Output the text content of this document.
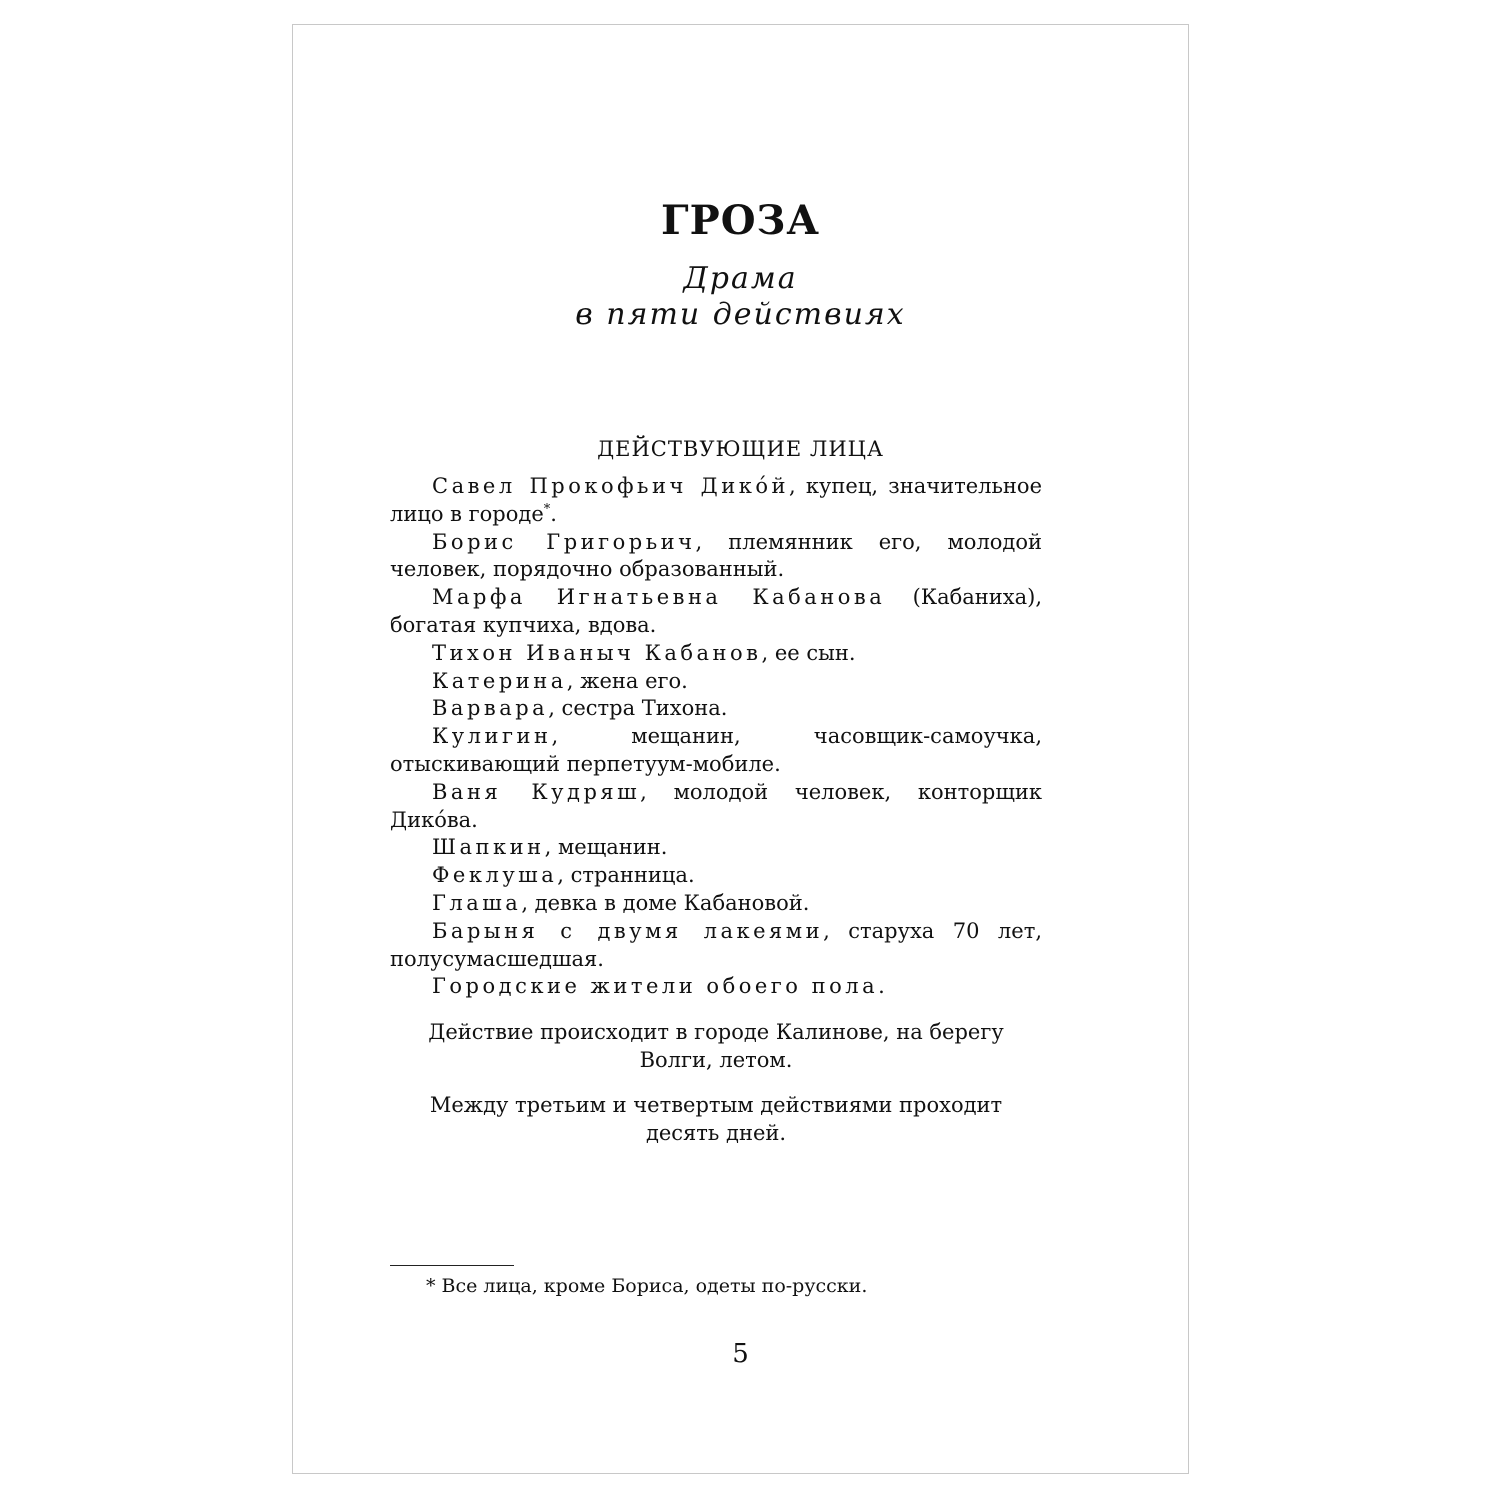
ГРОЗА
Драма
в пяти действиях
ДЕЙСТВУЮЩИЕ ЛИЦА

Савел Прокофьич Дико́й, купец, значительное лицо в городе*.

Борис Григорьич, племянник его, молодой человек, порядочно образованный.

Марфа Игнатьевна Кабанова (Кабаниха), богатая купчиха, вдова.

Тихон Иваныч Кабанов, ее сын.

Катерина, жена его.

Варвара, сестра Тихона.

Кулигин, мещанин, часовщик-самоучка, отыскивающий перпетуум-мобиле.

Ваня Кудряш, молодой человек, конторщик Дико́ва.

Шапкин, мещанин.

Феклуша, странница.

Глаша, девка в доме Кабановой.

Барыня с двумя лакеями, старуха 70 лет, полусумасшедшая.

Городские жители обоего пола.

Действие происходит в городе Калинове, на берегу Волги, летом.

Между третьим и четвертым действиями проходит десять дней.

* Все лица, кроме Бориса, одеты по-русски.
5
